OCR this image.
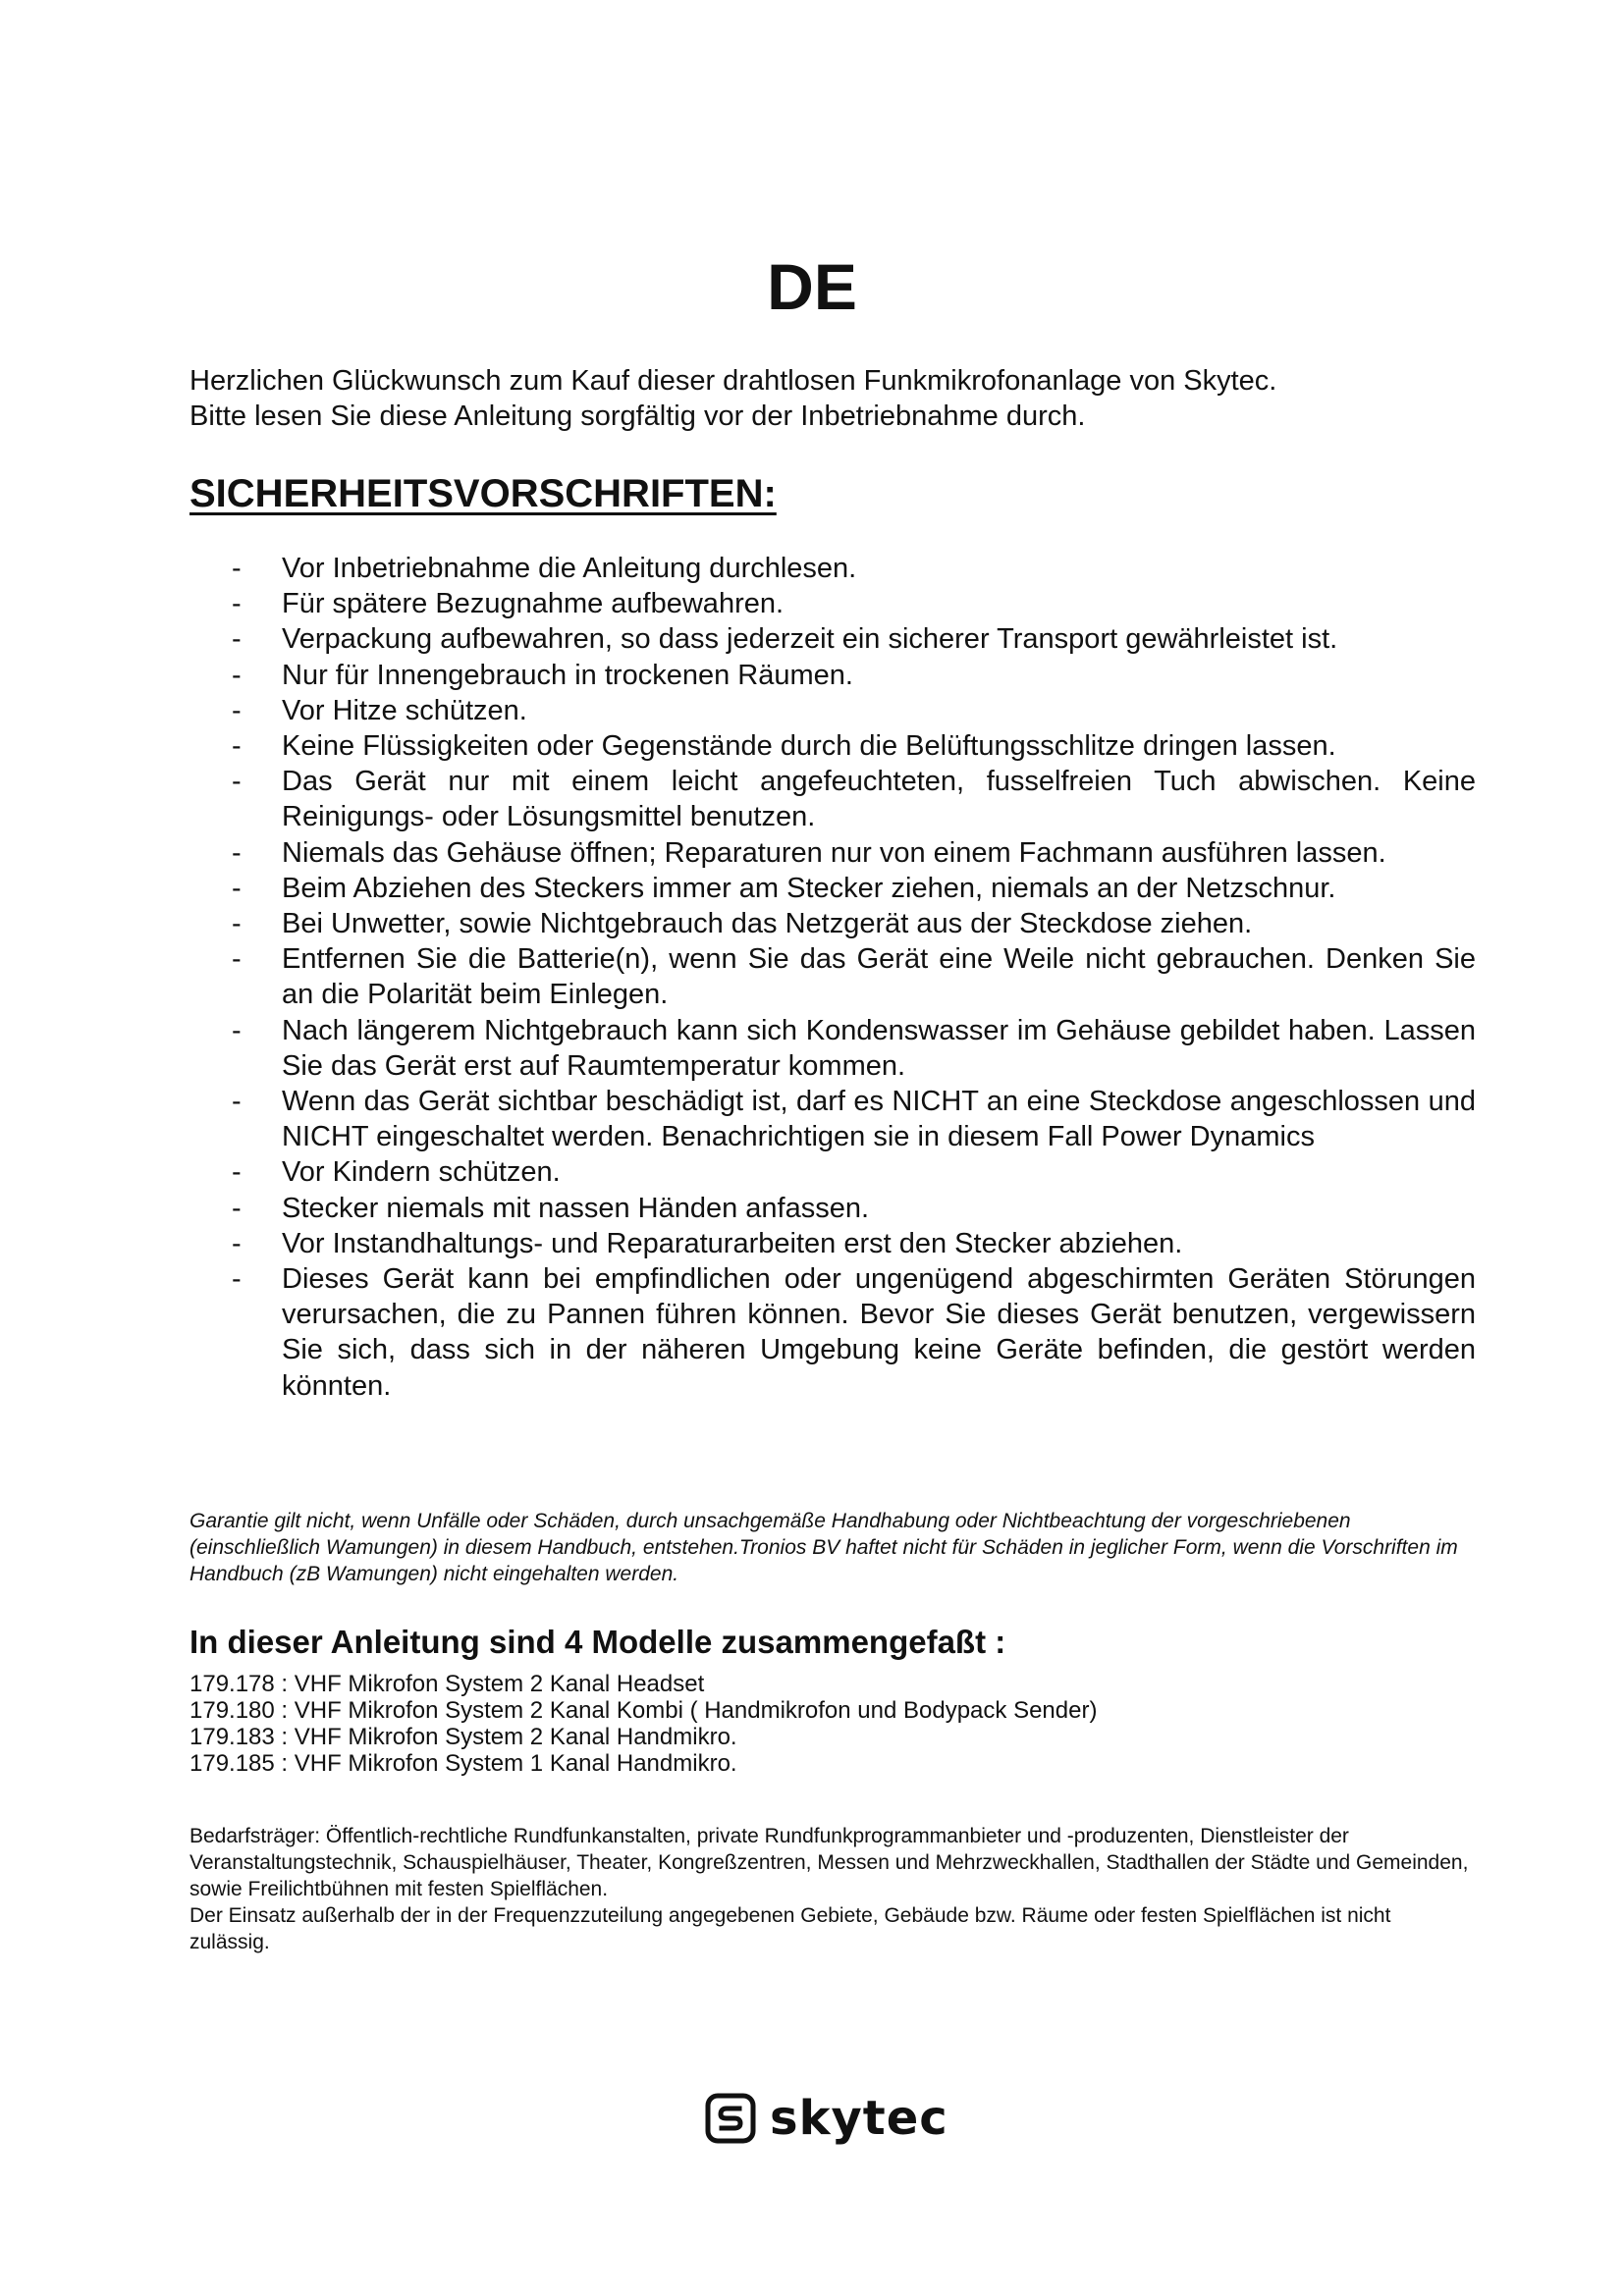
DE

Herzlichen Glückwunsch zum Kauf dieser drahtlosen Funkmikrofonanlage von Skytec.

Bitte lesen Sie diese Anleitung sorgfältig vor der Inbetriebnahme durch.

SICHERHEITSVORSCHRIFTEN:
- Vor Inbetriebnahme die Anleitung durchlesen.
- Für spätere Bezugnahme aufbewahren.
- Verpackung aufbewahren, so dass jederzeit ein sicherer Transport gewährleistet ist.
- Nur für Innengebrauch in trockenen Räumen.
- Vor Hitze schützen.
- Keine Flüssigkeiten oder Gegenstände durch die Belüftungsschlitze dringen lassen.
- Das Gerät nur mit einem leicht angefeuchteten, fusselfreien Tuch abwischen. Keine Reinigungs- oder Lösungsmittel benutzen.
- Niemals das Gehäuse öffnen; Reparaturen nur von einem Fachmann ausführen lassen.
- Beim Abziehen des Steckers immer am Stecker ziehen, niemals an der Netzschnur.
- Bei Unwetter, sowie Nichtgebrauch das Netzgerät aus der Steckdose ziehen.
- Entfernen Sie die Batterie(n), wenn Sie das Gerät eine Weile nicht gebrauchen. Denken Sie an die Polarität beim Einlegen.
- Nach längerem Nichtgebrauch kann sich Kondenswasser im Gehäuse gebildet haben. Lassen Sie das Gerät erst auf Raumtemperatur kommen.
- Wenn das Gerät sichtbar beschädigt ist, darf es NICHT an eine Steckdose angeschlossen und NICHT eingeschaltet werden. Benachrichtigen sie in diesem Fall Power Dynamics
- Vor Kindern schützen.
- Stecker niemals mit nassen Händen anfassen.
- Vor Instandhaltungs- und Reparaturarbeiten erst den Stecker abziehen.
- Dieses Gerät kann bei empfindlichen oder ungenügend abgeschirmten Geräten Störungen verursachen, die zu Pannen führen können. Bevor Sie dieses Gerät benutzen, vergewissern Sie sich, dass sich in der näheren Umgebung keine Geräte befinden, die gestört werden könnten.

Garantie gilt nicht, wenn Unfälle oder Schäden, durch unsachgemäße Handhabung oder Nichtbeachtung der vorgeschriebenen (einschließlich Wamungen) in diesem Handbuch, entstehen.Tronios BV haftet nicht für Schäden in jeglicher Form, wenn die Vorschriften im Handbuch (zB Wamungen) nicht eingehalten werden.

In dieser Anleitung sind 4 Modelle zusammengefaßt :
179.178 : VHF Mikrofon System 2 Kanal Headset
179.180 : VHF Mikrofon System 2 Kanal Kombi ( Handmikrofon und Bodypack Sender)
179.183 : VHF Mikrofon System 2 Kanal Handmikro.
179.185 : VHF Mikrofon System 1 Kanal Handmikro.

Bedarfsträger: Öffentlich-rechtliche Rundfunkanstalten, private Rundfunkprogrammanbieter und -produzenten, Dienstleister der Veranstaltungstechnik, Schauspielhäuser, Theater, Kongreßzentren, Messen und Mehrzweckhallen, Stadthallen der Städte und Gemeinden, sowie Freilichtbühnen mit festen Spielflächen.

Der Einsatz außerhalb der in der Frequenzzuteilung angegebenen Gebiete, Gebäude bzw. Räume oder festen Spielflächen ist nicht zulässig.

skytec
